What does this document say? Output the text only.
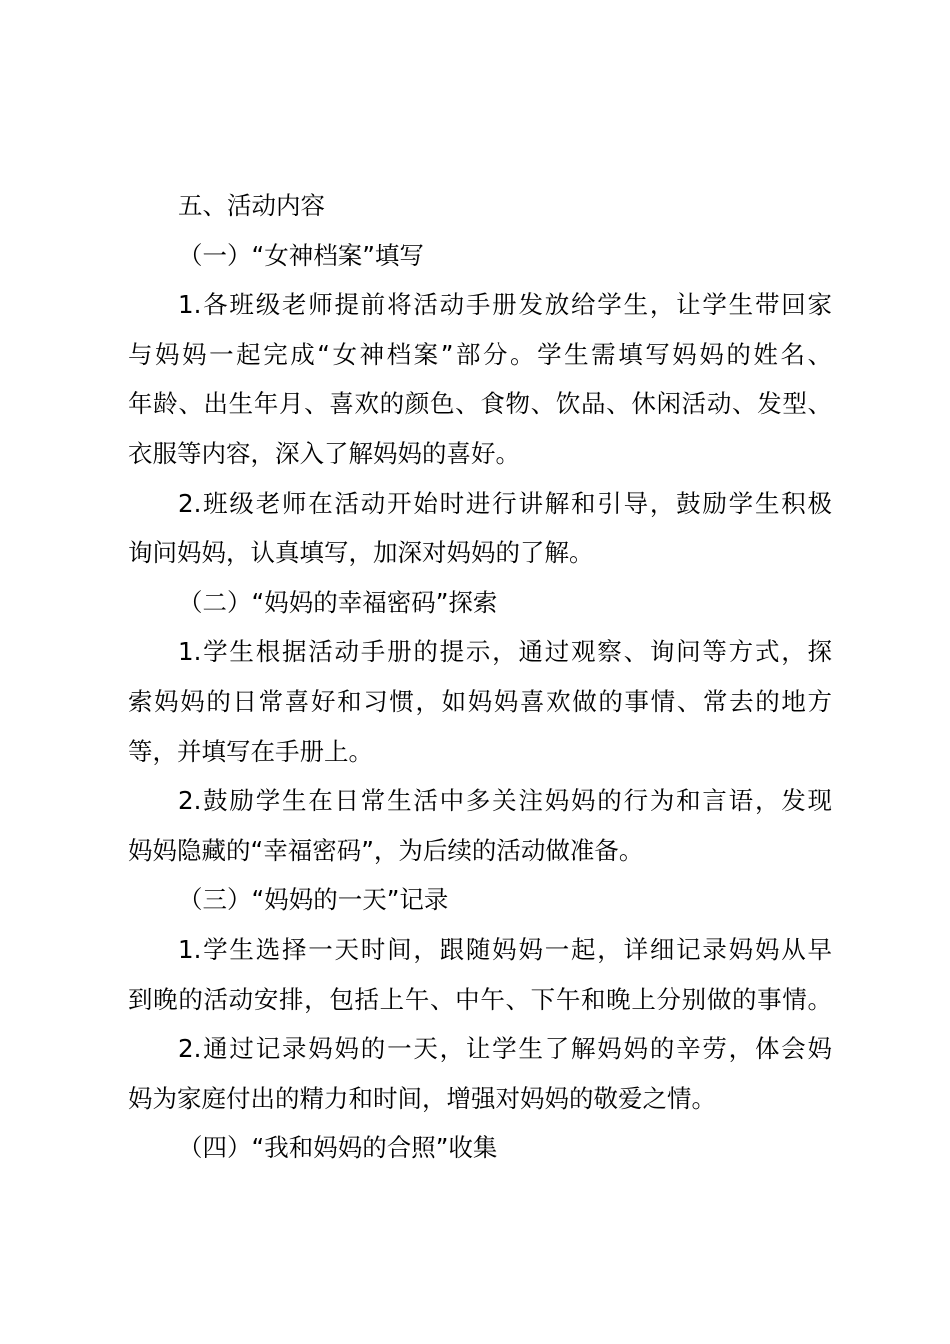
五、活动内容

（一）“女神档案”填写

1.各班级老师提前将活动手册发放给学生，让学生带回家

与妈妈一起完成“女神档案”部分。学生需填写妈妈的姓名、

年龄、出生年月、喜欢的颜色、食物、饮品、休闲活动、发型、

衣服等内容，深入了解妈妈的喜好。

2.班级老师在活动开始时进行讲解和引导，鼓励学生积极

询问妈妈，认真填写，加深对妈妈的了解。

（二）“妈妈的幸福密码”探索

1.学生根据活动手册的提示，通过观察、询问等方式，探

索妈妈的日常喜好和习惯，如妈妈喜欢做的事情、常去的地方

等，并填写在手册上。

2.鼓励学生在日常生活中多关注妈妈的行为和言语，发现

妈妈隐藏的“幸福密码”，为后续的活动做准备。

（三）“妈妈的一天”记录

1.学生选择一天时间，跟随妈妈一起，详细记录妈妈从早

到晚的活动安排，包括上午、中午、下午和晚上分别做的事情。

2.通过记录妈妈的一天，让学生了解妈妈的辛劳，体会妈

妈为家庭付出的精力和时间，增强对妈妈的敬爱之情。

（四）“我和妈妈的合照”收集
